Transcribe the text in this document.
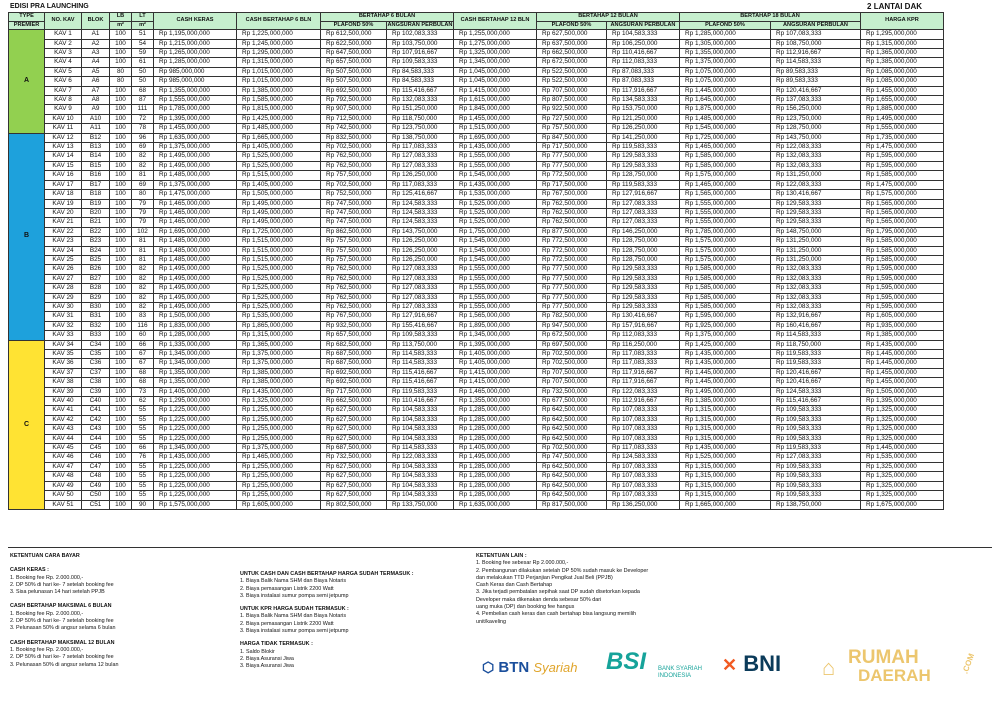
EDISI PRA LAUNCHING	2 LANTAI DAK
TYPE	NO. KAV	BLOK	LB	LT	CASH KERAS	CASH BERTAHAP 6 BLN	BERTAHAP 6 BULAN		CASH BERTAHAP 12 BLN	BERTAHAP 12 BULAN		BERTAHAP 18 BULAN		HARGA KPR
PREMIER			m²	m²			PLAFOND 50%	ANGSURAN PERBULAN		PLAFOND 50%	ANGSURAN PERBULAN	PLAFOND 50%	ANGSURAN PERBULAN	
A	KAV 1	A1	100	51	Rp 1,195,000,000	Rp 1,225,000,000	Rp 612,500,000	Rp 102,083,333	Rp 1,255,000,000	Rp 627,500,000	Rp 104,583,333	Rp 1,285,000,000	Rp 107,083,333	Rp 1,295,000,000
	KAV 2	A2	100	54	Rp 1,215,000,000	Rp 1,245,000,000	Rp 622,500,000	Rp 103,750,000	Rp 1,275,000,000	Rp 637,500,000	Rp 106,250,000	Rp 1,305,000,000	Rp 108,750,000	Rp 1,315,000,000
	KAV 3	A3	100	59	Rp 1,265,000,000	Rp 1,295,000,000	Rp 647,500,000	Rp 107,916,667	Rp 1,325,000,000	Rp 662,500,000	Rp 110,416,667	Rp 1,355,000,000	Rp 112,916,667	Rp 1,365,000,000
	KAV 4	A4	100	61	Rp 1,285,000,000	Rp 1,315,000,000	Rp 657,500,000	Rp 109,583,333	Rp 1,345,000,000	Rp 672,500,000	Rp 112,083,333	Rp 1,375,000,000	Rp 114,583,333	Rp 1,385,000,000
	KAV 5	A5	80	50	Rp 985,000,000	Rp 1,015,000,000	Rp 507,500,000	Rp 84,583,333	Rp 1,045,000,000	Rp 522,500,000	Rp 87,083,333	Rp 1,075,000,000	Rp 89,583,333	Rp 1,085,000,000
	KAV 6	A6	80	50	Rp 985,000,000	Rp 1,015,000,000	Rp 507,500,000	Rp 84,583,333	Rp 1,045,000,000	Rp 522,500,000	Rp 87,083,333	Rp 1,075,000,000	Rp 89,583,333	Rp 1,085,000,000
	KAV 7	A7	100	68	Rp 1,355,000,000	Rp 1,385,000,000	Rp 692,500,000	Rp 115,416,667	Rp 1,415,000,000	Rp 707,500,000	Rp 117,916,667	Rp 1,445,000,000	Rp 120,416,667	Rp 1,455,000,000
	KAV 8	A8	100	87	Rp 1,555,000,000	Rp 1,585,000,000	Rp 792,500,000	Rp 132,083,333	Rp 1,615,000,000	Rp 807,500,000	Rp 134,583,333	Rp 1,645,000,000	Rp 137,083,333	Rp 1,655,000,000
	KAV 9	A9	100	111	Rp 1,785,000,000	Rp 1,815,000,000	Rp 907,500,000	Rp 151,250,000	Rp 1,845,000,000	Rp 922,500,000	Rp 153,750,000	Rp 1,875,000,000	Rp 156,250,000	Rp 1,885,000,000
	KAV 10	A10	100	72	Rp 1,395,000,000	Rp 1,425,000,000	Rp 712,500,000	Rp 118,750,000	Rp 1,455,000,000	Rp 727,500,000	Rp 121,250,000	Rp 1,485,000,000	Rp 123,750,000	Rp 1,495,000,000
	KAV 11	A11	100	78	Rp 1,455,000,000	Rp 1,485,000,000	Rp 742,500,000	Rp 123,750,000	Rp 1,515,000,000	Rp 757,500,000	Rp 126,250,000	Rp 1,545,000,000	Rp 128,750,000	Rp 1,555,000,000
B	KAV 12	B12	100	96	Rp 1,635,000,000	Rp 1,665,000,000	Rp 832,500,000	Rp 138,750,000	Rp 1,695,000,000	Rp 847,500,000	Rp 141,250,000	Rp 1,725,000,000	Rp 143,750,000	Rp 1,735,000,000
	KAV 13	B13	100	69	Rp 1,375,000,000	Rp 1,405,000,000	Rp 702,500,000	Rp 117,083,333	Rp 1,435,000,000	Rp 717,500,000	Rp 119,583,333	Rp 1,465,000,000	Rp 122,083,333	Rp 1,475,000,000
	KAV 14	B14	100	82	Rp 1,495,000,000	Rp 1,525,000,000	Rp 762,500,000	Rp 127,083,333	Rp 1,555,000,000	Rp 777,500,000	Rp 129,583,333	Rp 1,585,000,000	Rp 132,083,333	Rp 1,595,000,000
	KAV 15	B15	100	82	Rp 1,495,000,000	Rp 1,525,000,000	Rp 762,500,000	Rp 127,083,333	Rp 1,555,000,000	Rp 777,500,000	Rp 129,583,333	Rp 1,585,000,000	Rp 132,083,333	Rp 1,595,000,000
	KAV 16	B16	100	81	Rp 1,485,000,000	Rp 1,515,000,000	Rp 757,500,000	Rp 126,250,000	Rp 1,545,000,000	Rp 772,500,000	Rp 128,750,000	Rp 1,575,000,000	Rp 131,250,000	Rp 1,585,000,000
	KAV 17	B17	100	69	Rp 1,375,000,000	Rp 1,405,000,000	Rp 702,500,000	Rp 117,083,333	Rp 1,435,000,000	Rp 717,500,000	Rp 119,583,333	Rp 1,465,000,000	Rp 122,083,333	Rp 1,475,000,000
	KAV 18	B18	100	80	Rp 1,475,000,000	Rp 1,505,000,000	Rp 752,500,000	Rp 125,416,667	Rp 1,535,000,000	Rp 767,500,000	Rp 127,916,667	Rp 1,565,000,000	Rp 130,416,667	Rp 1,575,000,000
	KAV 19	B19	100	79	Rp 1,465,000,000	Rp 1,495,000,000	Rp 747,500,000	Rp 124,583,333	Rp 1,525,000,000	Rp 762,500,000	Rp 127,083,333	Rp 1,555,000,000	Rp 129,583,333	Rp 1,565,000,000
	KAV 20	B20	100	79	Rp 1,465,000,000	Rp 1,495,000,000	Rp 747,500,000	Rp 124,583,333	Rp 1,525,000,000	Rp 762,500,000	Rp 127,083,333	Rp 1,555,000,000	Rp 129,583,333	Rp 1,565,000,000
	KAV 21	B21	100	79	Rp 1,465,000,000	Rp 1,495,000,000	Rp 747,500,000	Rp 124,583,333	Rp 1,525,000,000	Rp 762,500,000	Rp 127,083,333	Rp 1,555,000,000	Rp 129,583,333	Rp 1,565,000,000
	KAV 22	B22	100	102	Rp 1,695,000,000	Rp 1,725,000,000	Rp 862,500,000	Rp 143,750,000	Rp 1,755,000,000	Rp 877,500,000	Rp 146,250,000	Rp 1,785,000,000	Rp 148,750,000	Rp 1,795,000,000
	KAV 23	B23	100	81	Rp 1,485,000,000	Rp 1,515,000,000	Rp 757,500,000	Rp 126,250,000	Rp 1,545,000,000	Rp 772,500,000	Rp 128,750,000	Rp 1,575,000,000	Rp 131,250,000	Rp 1,585,000,000
	KAV 24	B24	100	81	Rp 1,485,000,000	Rp 1,515,000,000	Rp 757,500,000	Rp 126,250,000	Rp 1,545,000,000	Rp 772,500,000	Rp 128,750,000	Rp 1,575,000,000	Rp 131,250,000	Rp 1,585,000,000
	KAV 25	B25	100	81	Rp 1,485,000,000	Rp 1,515,000,000	Rp 757,500,000	Rp 126,250,000	Rp 1,545,000,000	Rp 772,500,000	Rp 128,750,000	Rp 1,575,000,000	Rp 131,250,000	Rp 1,585,000,000
	KAV 26	B26	100	82	Rp 1,495,000,000	Rp 1,525,000,000	Rp 762,500,000	Rp 127,083,333	Rp 1,555,000,000	Rp 777,500,000	Rp 129,583,333	Rp 1,585,000,000	Rp 132,083,333	Rp 1,595,000,000
	KAV 27	B27	100	82	Rp 1,495,000,000	Rp 1,525,000,000	Rp 762,500,000	Rp 127,083,333	Rp 1,555,000,000	Rp 777,500,000	Rp 129,583,333	Rp 1,585,000,000	Rp 132,083,333	Rp 1,595,000,000
	KAV 28	B28	100	82	Rp 1,495,000,000	Rp 1,525,000,000	Rp 762,500,000	Rp 127,083,333	Rp 1,555,000,000	Rp 777,500,000	Rp 129,583,333	Rp 1,585,000,000	Rp 132,083,333	Rp 1,595,000,000
	KAV 29	B29	100	82	Rp 1,495,000,000	Rp 1,525,000,000	Rp 762,500,000	Rp 127,083,333	Rp 1,555,000,000	Rp 777,500,000	Rp 129,583,333	Rp 1,585,000,000	Rp 132,083,333	Rp 1,595,000,000
	KAV 30	B30	100	82	Rp 1,495,000,000	Rp 1,525,000,000	Rp 762,500,000	Rp 127,083,333	Rp 1,555,000,000	Rp 777,500,000	Rp 129,583,333	Rp 1,585,000,000	Rp 132,083,333	Rp 1,595,000,000
	KAV 31	B31	100	83	Rp 1,505,000,000	Rp 1,535,000,000	Rp 767,500,000	Rp 127,916,667	Rp 1,565,000,000	Rp 782,500,000	Rp 130,416,667	Rp 1,595,000,000	Rp 132,916,667	Rp 1,605,000,000
	KAV 32	B32	100	116	Rp 1,835,000,000	Rp 1,865,000,000	Rp 932,500,000	Rp 155,416,667	Rp 1,895,000,000	Rp 947,500,000	Rp 157,916,667	Rp 1,925,000,000	Rp 160,416,667	Rp 1,935,000,000
	KAV 33	B33	100	60	Rp 1,285,000,000	Rp 1,315,000,000	Rp 657,500,000	Rp 109,583,333	Rp 1,345,000,000	Rp 672,500,000	Rp 112,083,333	Rp 1,375,000,000	Rp 114,583,333	Rp 1,385,000,000
C	KAV 34	C34	100	66	Rp 1,335,000,000	Rp 1,365,000,000	Rp 682,500,000	Rp 113,750,000	Rp 1,395,000,000	Rp 697,500,000	Rp 116,250,000	Rp 1,425,000,000	Rp 118,750,000	Rp 1,435,000,000
	KAV 35	C35	100	67	Rp 1,345,000,000	Rp 1,375,000,000	Rp 687,500,000	Rp 114,583,333	Rp 1,405,000,000	Rp 702,500,000	Rp 117,083,333	Rp 1,435,000,000	Rp 119,583,333	Rp 1,445,000,000
	KAV 36	C36	100	67	Rp 1,345,000,000	Rp 1,375,000,000	Rp 687,500,000	Rp 114,583,333	Rp 1,405,000,000	Rp 702,500,000	Rp 117,083,333	Rp 1,435,000,000	Rp 119,583,333	Rp 1,445,000,000
	KAV 37	C37	100	68	Rp 1,355,000,000	Rp 1,385,000,000	Rp 692,500,000	Rp 115,416,667	Rp 1,415,000,000	Rp 707,500,000	Rp 117,916,667	Rp 1,445,000,000	Rp 120,416,667	Rp 1,455,000,000
	KAV 38	C38	100	68	Rp 1,355,000,000	Rp 1,385,000,000	Rp 692,500,000	Rp 115,416,667	Rp 1,415,000,000	Rp 707,500,000	Rp 117,916,667	Rp 1,445,000,000	Rp 120,416,667	Rp 1,455,000,000
	KAV 39	C39	100	73	Rp 1,405,000,000	Rp 1,435,000,000	Rp 717,500,000	Rp 119,583,333	Rp 1,465,000,000	Rp 732,500,000	Rp 122,083,333	Rp 1,495,000,000	Rp 124,583,333	Rp 1,505,000,000
	KAV 40	C40	100	62	Rp 1,295,000,000	Rp 1,325,000,000	Rp 662,500,000	Rp 110,416,667	Rp 1,355,000,000	Rp 677,500,000	Rp 112,916,667	Rp 1,385,000,000	Rp 115,416,667	Rp 1,395,000,000
	KAV 41	C41	100	55	Rp 1,225,000,000	Rp 1,255,000,000	Rp 627,500,000	Rp 104,583,333	Rp 1,285,000,000	Rp 642,500,000	Rp 107,083,333	Rp 1,315,000,000	Rp 109,583,333	Rp 1,325,000,000
	KAV 42	C42	100	55	Rp 1,225,000,000	Rp 1,255,000,000	Rp 627,500,000	Rp 104,583,333	Rp 1,285,000,000	Rp 642,500,000	Rp 107,083,333	Rp 1,315,000,000	Rp 109,583,333	Rp 1,325,000,000
	KAV 43	C43	100	55	Rp 1,225,000,000	Rp 1,255,000,000	Rp 627,500,000	Rp 104,583,333	Rp 1,285,000,000	Rp 642,500,000	Rp 107,083,333	Rp 1,315,000,000	Rp 109,583,333	Rp 1,325,000,000
	KAV 44	C44	100	55	Rp 1,225,000,000	Rp 1,255,000,000	Rp 627,500,000	Rp 104,583,333	Rp 1,285,000,000	Rp 642,500,000	Rp 107,083,333	Rp 1,315,000,000	Rp 109,583,333	Rp 1,325,000,000
	KAV 45	C45	100	66	Rp 1,345,000,000	Rp 1,375,000,000	Rp 687,500,000	Rp 114,583,333	Rp 1,405,000,000	Rp 702,500,000	Rp 117,083,333	Rp 1,435,000,000	Rp 119,583,333	Rp 1,445,000,000
	KAV 46	C46	100	76	Rp 1,435,000,000	Rp 1,465,000,000	Rp 732,500,000	Rp 122,083,333	Rp 1,495,000,000	Rp 747,500,000	Rp 124,583,333	Rp 1,525,000,000	Rp 127,083,333	Rp 1,535,000,000
	KAV 47	C47	100	55	Rp 1,225,000,000	Rp 1,255,000,000	Rp 627,500,000	Rp 104,583,333	Rp 1,285,000,000	Rp 642,500,000	Rp 107,083,333	Rp 1,315,000,000	Rp 109,583,333	Rp 1,325,000,000
	KAV 48	C48	100	55	Rp 1,225,000,000	Rp 1,255,000,000	Rp 627,500,000	Rp 104,583,333	Rp 1,285,000,000	Rp 642,500,000	Rp 107,083,333	Rp 1,315,000,000	Rp 109,583,333	Rp 1,325,000,000
	KAV 49	C49	100	55	Rp 1,225,000,000	Rp 1,255,000,000	Rp 627,500,000	Rp 104,583,333	Rp 1,285,000,000	Rp 642,500,000	Rp 107,083,333	Rp 1,315,000,000	Rp 109,583,333	Rp 1,325,000,000
	KAV 50	C50	100	55	Rp 1,225,000,000	Rp 1,255,000,000	Rp 627,500,000	Rp 104,583,333	Rp 1,285,000,000	Rp 642,500,000	Rp 107,083,333	Rp 1,315,000,000	Rp 109,583,333	Rp 1,325,000,000
	KAV 51	C51	100	90	Rp 1,575,000,000	Rp 1,605,000,000	Rp 802,500,000	Rp 133,750,000	Rp 1,635,000,000	Rp 817,500,000	Rp 136,250,000	Rp 1,665,000,000	Rp 138,750,000	Rp 1,675,000,000
KETENTUAN CARA BAYAR
CASH KERAS :
1. Booking fee Rp. 2.000.000,-
2. DP 50% di hari ke- 7 setelah booking fee
3. Sisa pelunasan 14 hari setelah PPJB
CASH BERTAHAP MAKSIMAL 6 BULAN
1. Booking fee Rp. 2.000.000,-
2. DP 50% di hari ke- 7 setelah booking fee
3. Pelunasan 50% di angsur selama 6 bulan
CASH BERTAHAP MAKSIMAL 12 BULAN
1. Booking fee Rp. 2.000.000,-
2. DP 50% di hari ke- 7 setelah booking fee
3. Pelunasan 50% di angsur selama 12 bulan
UNTUK CASH DAN CASH BERTAHAP HARGA SUDAH TERMASUK :
1. Biaya Balik Nama SHM dan Biaya Notaris
2. Biaya pemasangan Listrik 2200 Watt
3. Biaya instalasi sumur pompa semi jetpump
UNTUK KPR HARGA SUDAH TERMASUK :
1. Biaya Balik Nama SHM dan Biaya Notaris
2. Biaya pemasangan Listrik 2200 Watt
3. Biaya instalasi sumur pompa semi jetpump
HARGA TIDAK TERMASUK :
1. Saldo Blokir
2. Biaya Asuransi Jiwa
3. Biaya Asuransi Jiwa
KETENTUAN LAIN :
1. Booking fee sebesar Rp 2.000.000,-
2. Pembangunan dilakukan setelah DP 50% sudah masuk ke Developer
dan melakukan TTD Perjanjian Pengikat Jual Beli (PPJB)
Cash Keras dan Cash Bertahap
3. Jika terjadi pembatalan sepihak saat DP sudah disetorkan kepada
Developer maka dikenakan denda sebesar 50% dari
uang muka (DP) dan booking fee hangus
4. Pembelian cash keras dan cash bertahap bisa langsung memilih
unit/kaveling
⬡ BTN Syariah BSI BANK SYARIAH
INDONESIA
✕ BNI ⌂ RUMAH
DAERAH
.COM
